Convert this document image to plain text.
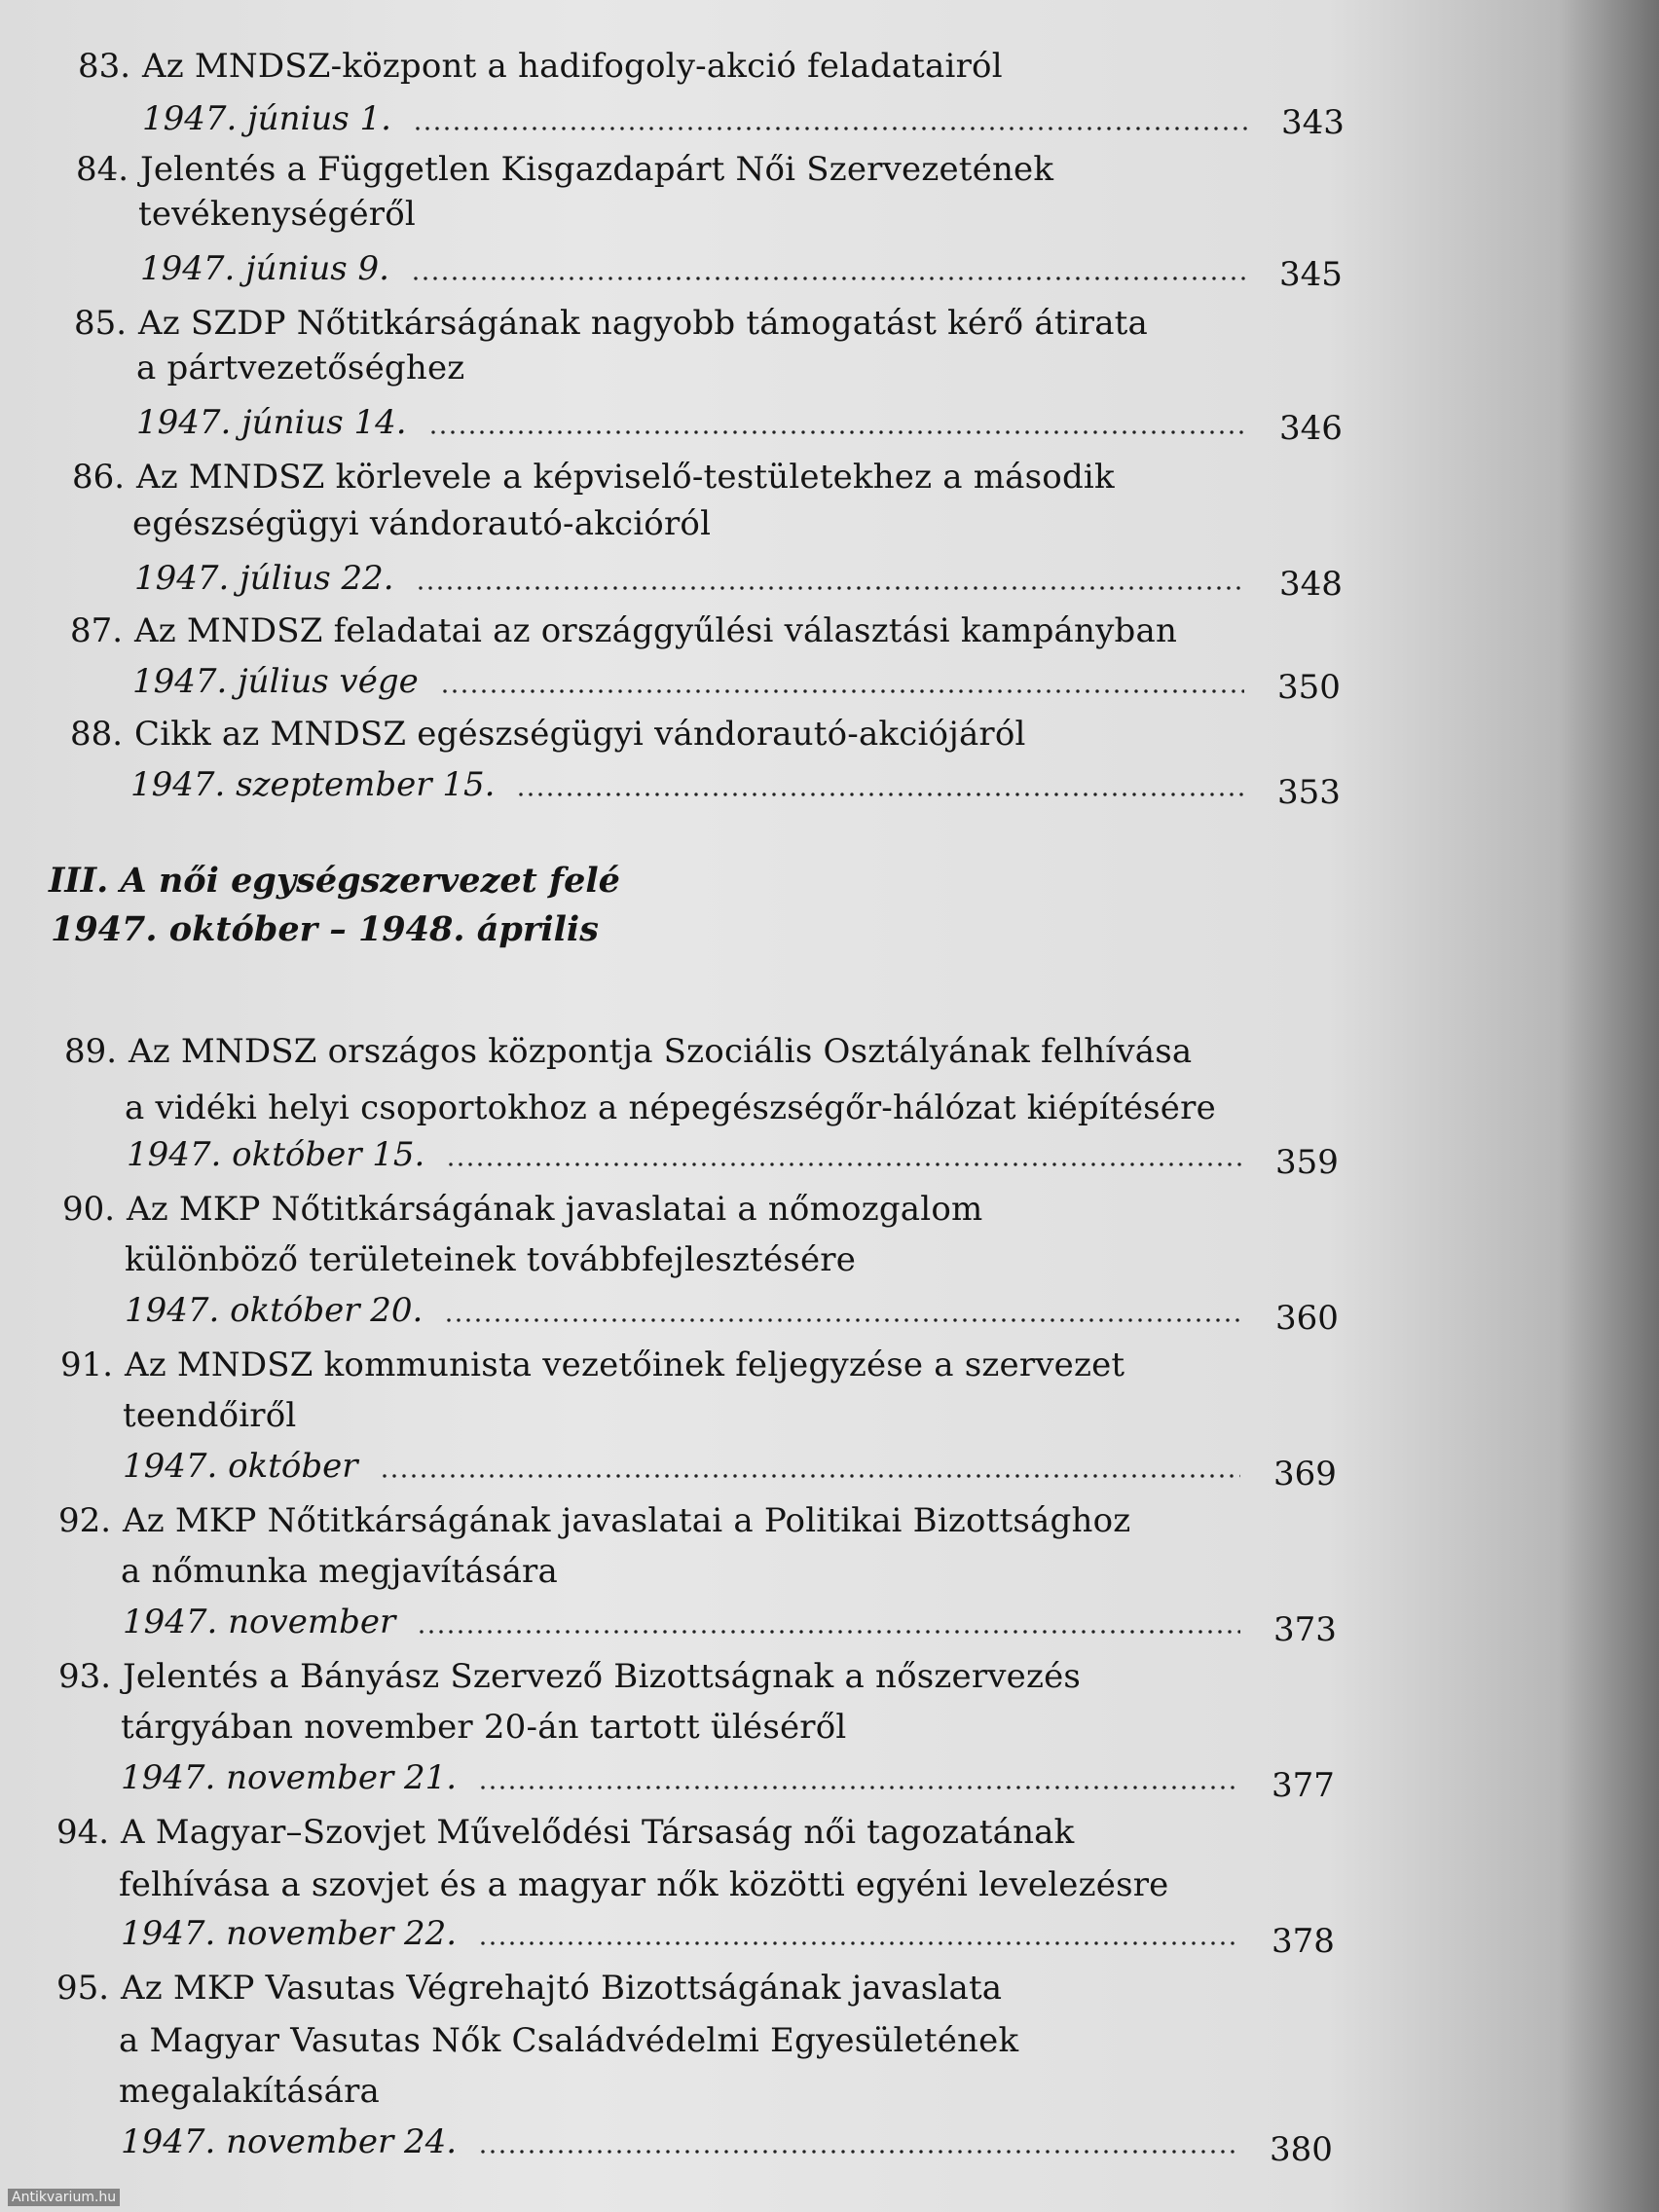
83. Az MNDSZ-központ a hadifogoly-akció feladatairól
1947. június 1.	343
84. Jelentés a Független Kisgazdapárt Női Szervezetének
tevékenységéről
1947. június 9.	345
85. Az SZDP Nőtitkárságának nagyobb támogatást kérő átirata
a pártvezetőséghez
1947. június 14.	346
86. Az MNDSZ körlevele a képviselő-testületekhez a második
egészségügyi vándorautó-akcióról
1947. július 22.	348
87. Az MNDSZ feladatai az országgyűlési választási kampányban
1947. július vége	350
88. Cikk az MNDSZ egészségügyi vándorautó-akciójáról
1947. szeptember 15.	353
III. A női egységszervezet felé
1947. október – 1948. április
89. Az MNDSZ országos központja Szociális Osztályának felhívása
a vidéki helyi csoportokhoz a népegészségőr-hálózat kiépítésére
1947. október 15.	359
90. Az MKP Nőtitkárságának javaslatai a nőmozgalom
különböző területeinek továbbfejlesztésére
1947. október 20.	360
91. Az MNDSZ kommunista vezetőinek feljegyzése a szervezet
teendőiről
1947. október	369
92. Az MKP Nőtitkárságának javaslatai a Politikai Bizottsághoz
a nőmunka megjavítására
1947. november	373
93. Jelentés a Bányász Szervező Bizottságnak a nőszervezés
tárgyában november 20-án tartott üléséről
1947. november 21.	377
94. A Magyar–Szovjet Művelődési Társaság női tagozatának
felhívása a szovjet és a magyar nők közötti egyéni levelezésre
1947. november 22.	378
95. Az MKP Vasutas Végrehajtó Bizottságának javaslata
a Magyar Vasutas Nők Családvédelmi Egyesületének
megalakítására
1947. november 24.	380
Antikvarium.hu
